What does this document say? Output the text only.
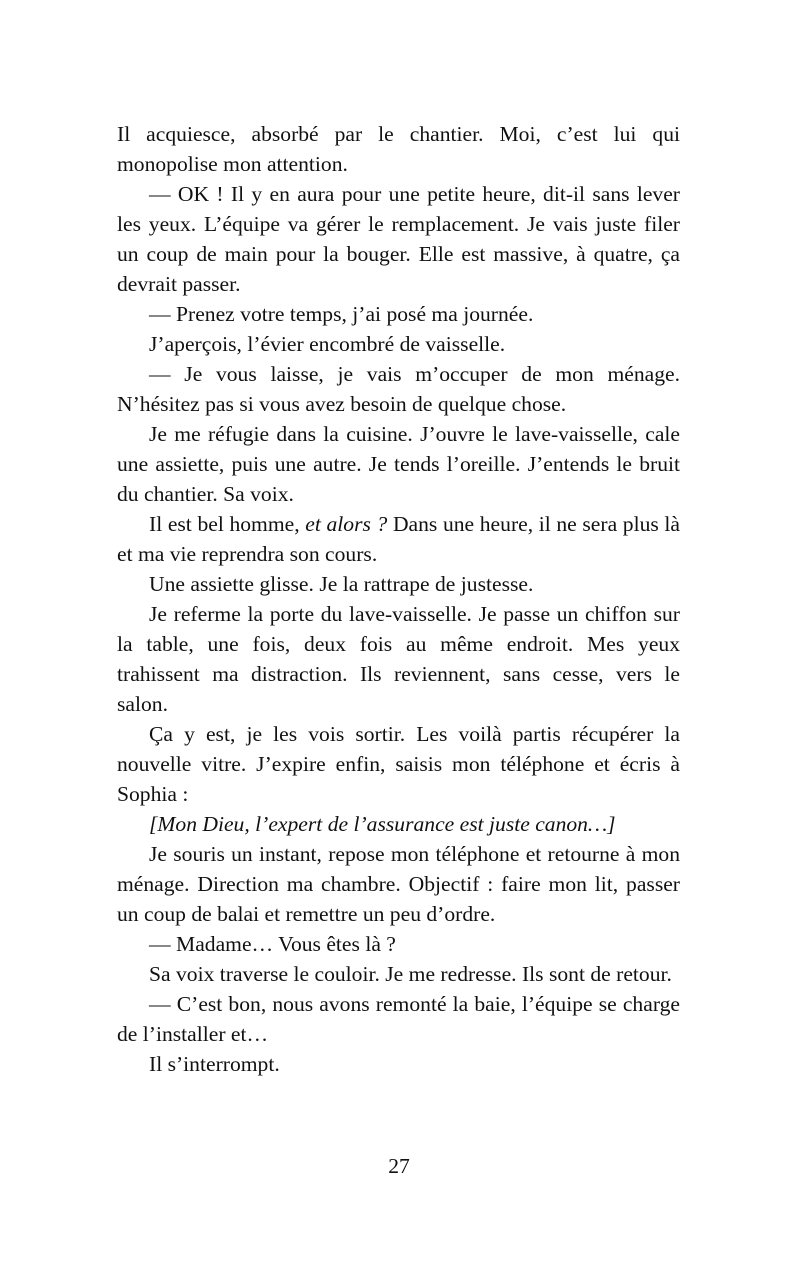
Il acquiesce, absorbé par le chantier. Moi, c’est lui qui monopolise mon attention.

— OK ! Il y en aura pour une petite heure, dit-il sans lever les yeux. L’équipe va gérer le remplacement. Je vais juste filer un coup de main pour la bouger. Elle est massive, à quatre, ça devrait passer.

— Prenez votre temps, j’ai posé ma journée.

J’aperçois, l’évier encombré de vaisselle.

— Je vous laisse, je vais m’occuper de mon ménage. N’hésitez pas si vous avez besoin de quelque chose.

Je me réfugie dans la cuisine. J’ouvre le lave-vaisselle, cale une assiette, puis une autre. Je tends l’oreille. J’entends le bruit du chantier. Sa voix.

Il est bel homme, et alors ? Dans une heure, il ne sera plus là et ma vie reprendra son cours.

Une assiette glisse. Je la rattrape de justesse.

Je referme la porte du lave-vaisselle. Je passe un chiffon sur la table, une fois, deux fois au même endroit. Mes yeux trahissent ma distraction. Ils reviennent, sans cesse, vers le salon.

Ça y est, je les vois sortir. Les voilà partis récupérer la nouvelle vitre. J’expire enfin, saisis mon téléphone et écris à Sophia :

[Mon Dieu, l’expert de l’assurance est juste canon…]

Je souris un instant, repose mon téléphone et retourne à mon ménage. Direction ma chambre. Objectif : faire mon lit, passer un coup de balai et remettre un peu d’ordre.

— Madame… Vous êtes là ?

Sa voix traverse le couloir. Je me redresse. Ils sont de retour.

— C’est bon, nous avons remonté la baie, l’équipe se charge de l’installer et…

Il s’interrompt.

27
